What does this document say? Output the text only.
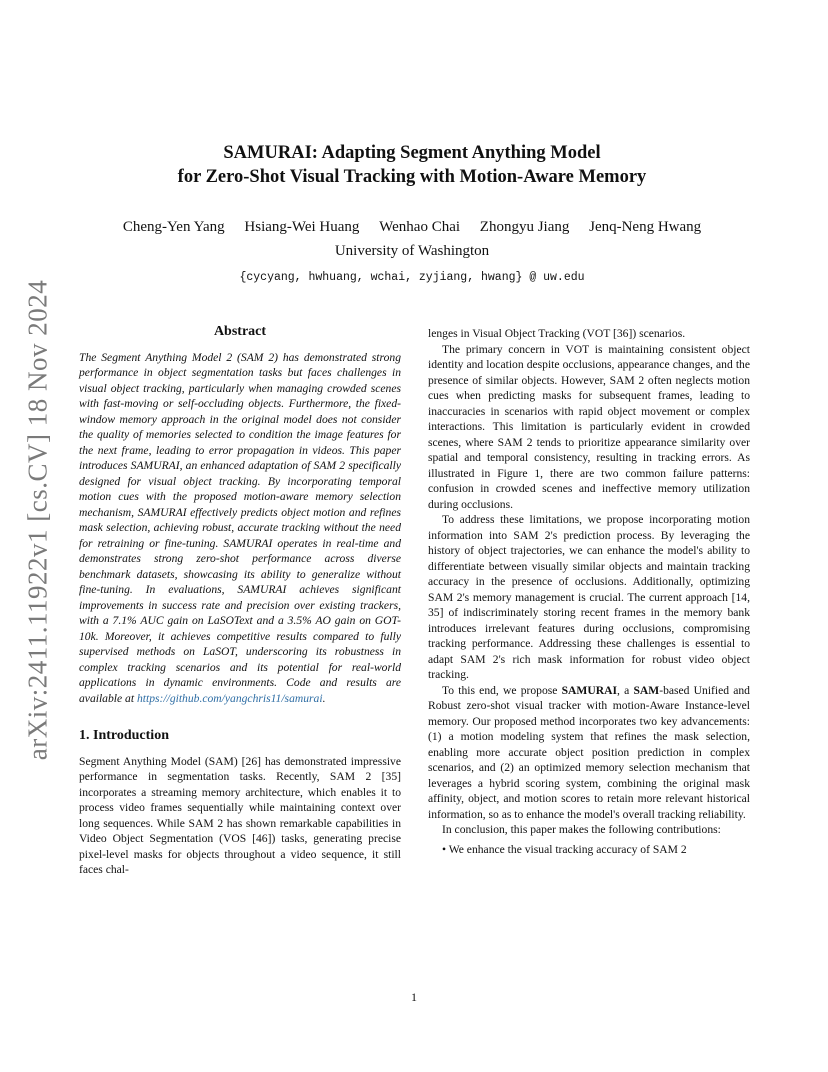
arXiv:2411.11922v1 [cs.CV] 18 Nov 2024
SAMURAI: Adapting Segment Anything Model
for Zero-Shot Visual Tracking with Motion-Aware Memory
Cheng-Yen Yang Hsiang-Wei Huang Wenhao Chai Zhongyu Jiang Jenq-Neng Hwang
University of Washington
{cycyang, hwhuang, wchai, zyjiang, hwang} @ uw.edu
Abstract

The Segment Anything Model 2 (SAM 2) has demonstrated strong performance in object segmentation tasks but faces challenges in visual object tracking, particularly when managing crowded scenes with fast-moving or self-occluding objects. Furthermore, the fixed-window memory approach in the original model does not consider the quality of memories selected to condition the image features for the next frame, leading to error propagation in videos. This paper introduces SAMURAI, an enhanced adaptation of SAM 2 specifically designed for visual object tracking. By incorporating temporal motion cues with the proposed motion-aware memory selection mechanism, SAMURAI effectively predicts object motion and refines mask selection, achieving robust, accurate tracking without the need for retraining or fine-tuning. SAMURAI operates in real-time and demonstrates strong zero-shot performance across diverse benchmark datasets, showcasing its ability to generalize without fine-tuning. In evaluations, SAMURAI achieves significant improvements in success rate and precision over existing trackers, with a 7.1% AUC gain on LaSOText and a 3.5% AO gain on GOT-10k. Moreover, it achieves competitive results compared to fully supervised methods on LaSOT, underscoring its robustness in complex tracking scenarios and its potential for real-world applications in dynamic environments. Code and results are available at https://github.com/yangchris11/samurai.

1. Introduction

Segment Anything Model (SAM) [26] has demonstrated impressive performance in segmentation tasks. Recently, SAM 2 [35] incorporates a streaming memory architecture, which enables it to process video frames sequentially while maintaining context over long sequences. While SAM 2 has shown remarkable capabilities in Video Object Segmentation (VOS [46]) tasks, generating precise pixel-level masks for objects throughout a video sequence, it still faces chal-

lenges in Visual Object Tracking (VOT [36]) scenarios.

The primary concern in VOT is maintaining consistent object identity and location despite occlusions, appearance changes, and the presence of similar objects. However, SAM 2 often neglects motion cues when predicting masks for subsequent frames, leading to inaccuracies in scenarios with rapid object movement or complex interactions. This limitation is particularly evident in crowded scenes, where SAM 2 tends to prioritize appearance similarity over spatial and temporal consistency, resulting in tracking errors. As illustrated in Figure 1, there are two common failure patterns: confusion in crowded scenes and ineffective memory utilization during occlusions.

To address these limitations, we propose incorporating motion information into SAM 2's prediction process. By leveraging the history of object trajectories, we can enhance the model's ability to differentiate between visually similar objects and maintain tracking accuracy in the presence of occlusions. Additionally, optimizing SAM 2's memory management is crucial. The current approach [14, 35] of indiscriminately storing recent frames in the memory bank introduces irrelevant features during occlusions, compromising tracking performance. Addressing these challenges is essential to adapt SAM 2's rich mask information for robust video object tracking.

To this end, we propose SAMURAI, a SAM-based Unified and Robust zero-shot visual tracker with motion-Aware Instance-level memory. Our proposed method incorporates two key advancements: (1) a motion modeling system that refines the mask selection, enabling more accurate object position prediction in complex scenarios, and (2) an optimized memory selection mechanism that leverages a hybrid scoring system, combining the original mask affinity, object, and motion scores to retain more relevant historical information, so as to enhance the model's overall tracking reliability.

In conclusion, this paper makes the following contributions:

• We enhance the visual tracking accuracy of SAM 2

1
